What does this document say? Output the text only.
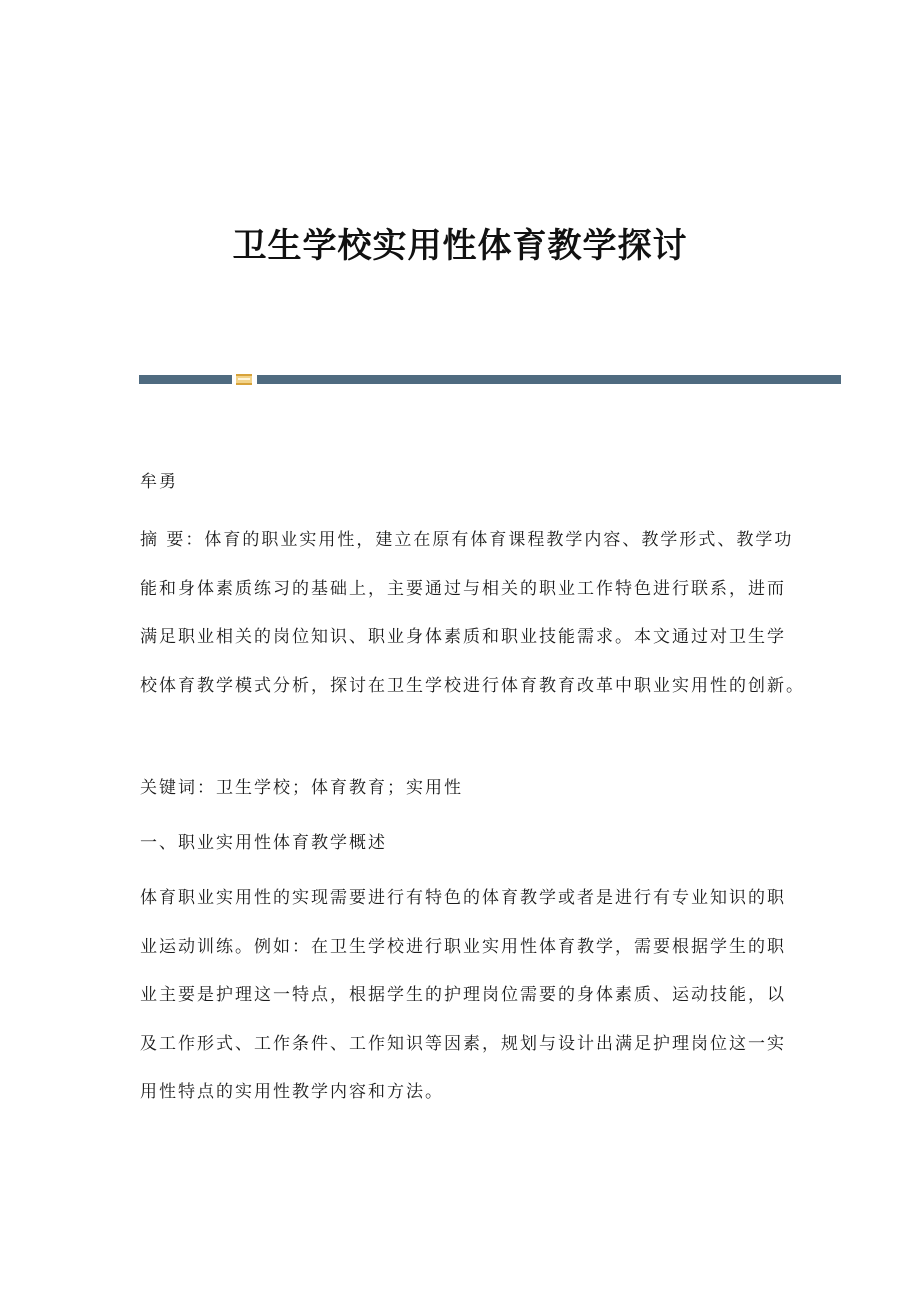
卫生学校实用性体育教学探讨
牟勇
摘 要：体育的职业实用性，建立在原有体育课程教学内容、教学形式、教学功
能和身体素质练习的基础上，主要通过与相关的职业工作特色进行联系，进而
满足职业相关的岗位知识、职业身体素质和职业技能需求。本文通过对卫生学
校体育教学模式分析，探讨在卫生学校进行体育教育改革中职业实用性的创新。
关键词：卫生学校；体育教育；实用性
一、职业实用性体育教学概述
体育职业实用性的实现需要进行有特色的体育教学或者是进行有专业知识的职
业运动训练。例如：在卫生学校进行职业实用性体育教学，需要根据学生的职
业主要是护理这一特点，根据学生的护理岗位需要的身体素质、运动技能，以
及工作形式、工作条件、工作知识等因素，规划与设计出满足护理岗位这一实
用性特点的实用性教学内容和方法。
